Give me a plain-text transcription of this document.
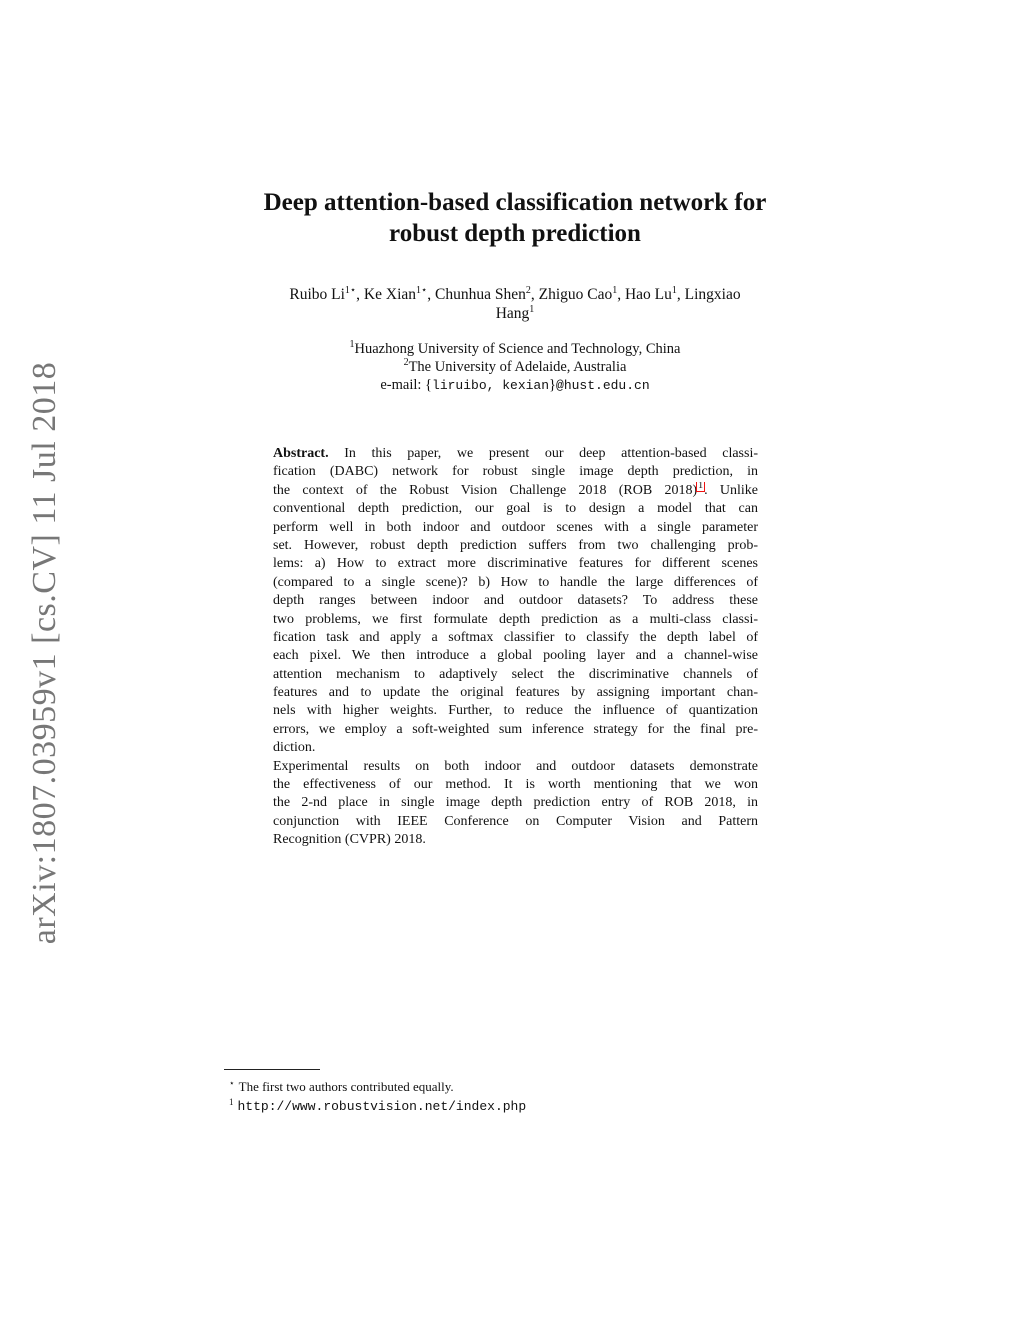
arXiv:1807.03959v1 [cs.CV] 11 Jul 2018
Deep attention-based classification network for
robust depth prediction
Ruibo $Li^{1⋆}$, Ke Xian$^{1⋆}$, Chunhua Shen$^2$, Zhiguo Cao$^1$, Hao Lu$^1$, Lingxiao
Hang$^1$
$^1$Huazhong University of Science and Technology, China
$^2$The University of Adelaide, Australia
e-mail: {liruibo, kexian}@hust.edu.cn
Abstract. In this paper, we present our deep attention-based classi-
fication (DABC) network for robust single image depth prediction, in
the context of the Robust Vision Challenge 2018 (ROB 2018)$^1$. Unlike
conventional depth prediction, our goal is to design a model that can
perform well in both indoor and outdoor scenes with a single parameter
set. However, robust depth prediction suffers from two challenging prob-
lems: a) How to extract more discriminative features for different scenes
(compared to a single scene)? b) How to handle the large differences of
depth ranges between indoor and outdoor datasets? To address these
two problems, we first formulate depth prediction as a multi-class classi-
fication task and apply a softmax classifier to classify the depth label of
each pixel. We then introduce a global pooling layer and a channel-wise
attention mechanism to adaptively select the discriminative channels of
features and to update the original features by assigning important chan-
nels with higher weights. Further, to reduce the influence of quantization
errors, we employ a soft-weighted sum inference strategy for the final pre-
diction.
Experimental results on both indoor and outdoor datasets demonstrate
the effectiveness of our method. It is worth mentioning that we won
the 2-nd place in single image depth prediction entry of ROB 2018, in
conjunction with IEEE Conference on Computer Vision and Pattern
Recognition (CVPR) 2018.
⋆ The first two authors contributed equally.
$^1$ http://www.robustvision.net/index.php
